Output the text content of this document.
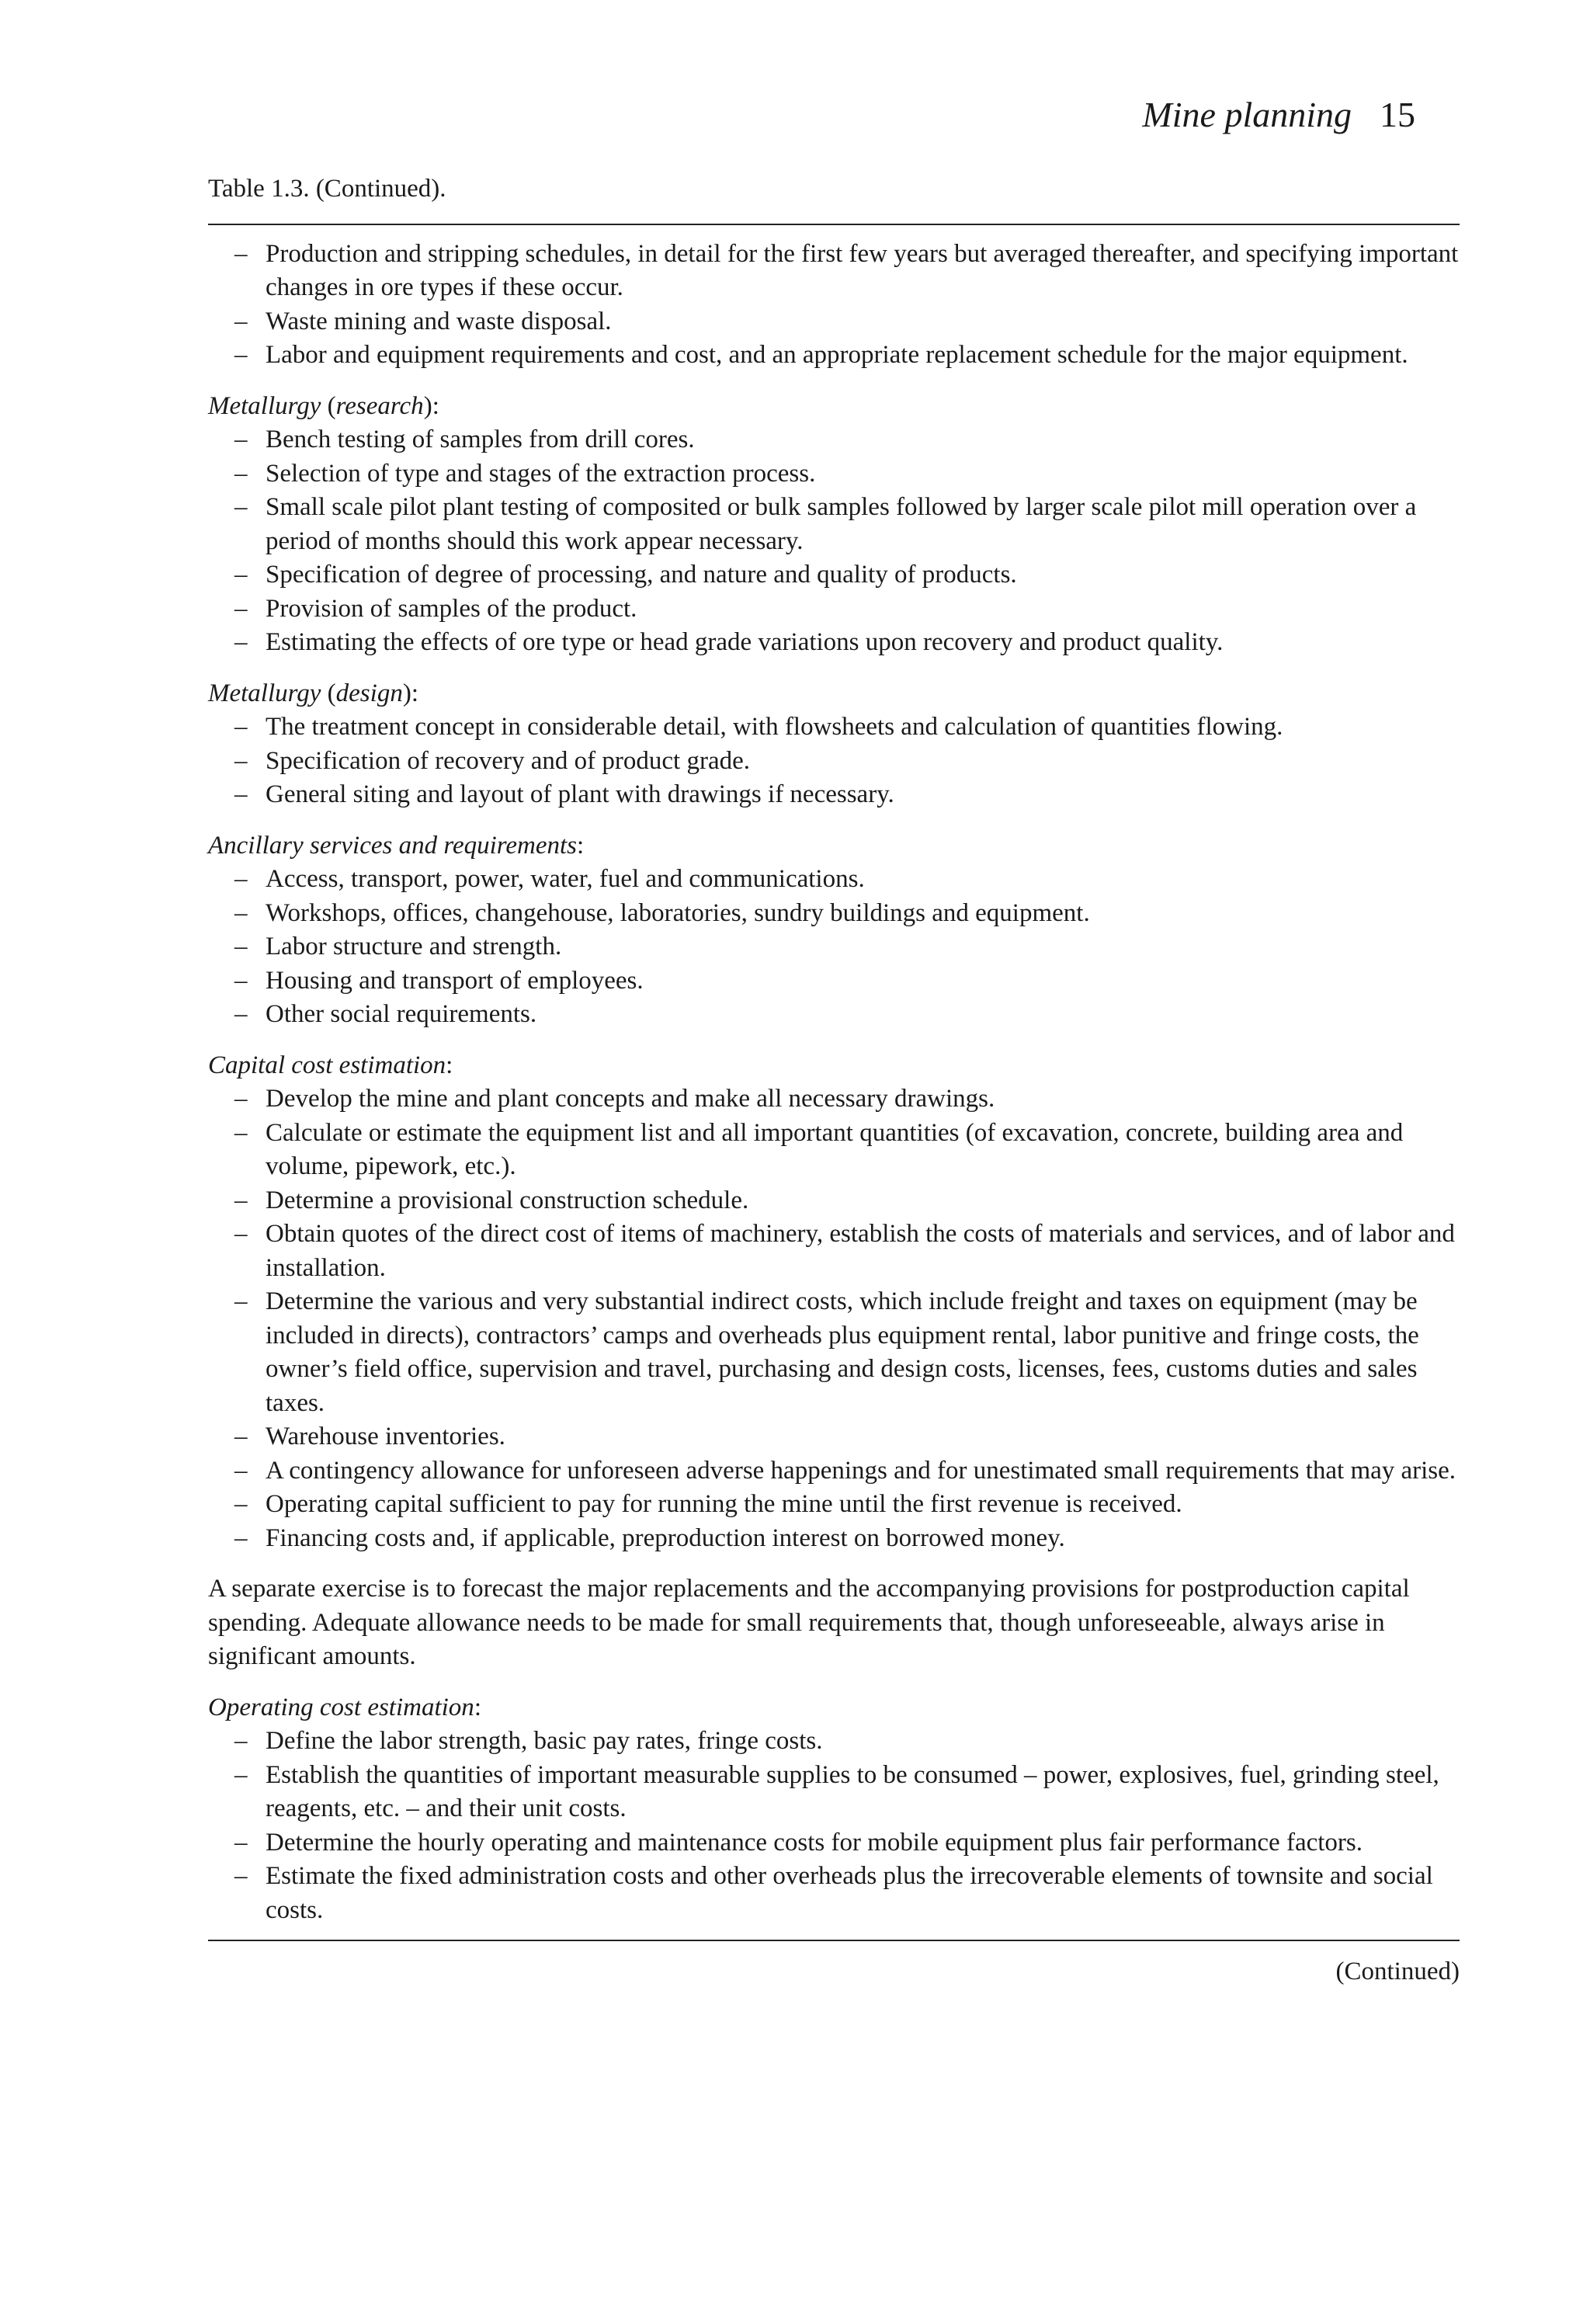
Mine planning 15
Table 1.3. (Continued).
– Production and stripping schedules, in detail for the first few years but averaged thereafter, and specifying important changes in ore types if these occur.
– Waste mining and waste disposal.
– Labor and equipment requirements and cost, and an appropriate replacement schedule for the major equipment.

Metallurgy (research):

– Bench testing of samples from drill cores.
– Selection of type and stages of the extraction process.
– Small scale pilot plant testing of composited or bulk samples followed by larger scale pilot mill operation over a period of months should this work appear necessary.
– Specification of degree of processing, and nature and quality of products.
– Provision of samples of the product.
– Estimating the effects of ore type or head grade variations upon recovery and product quality.

Metallurgy (design):

– The treatment concept in considerable detail, with flowsheets and calculation of quantities flowing.
– Specification of recovery and of product grade.
– General siting and layout of plant with drawings if necessary.

Ancillary services and requirements:

– Access, transport, power, water, fuel and communications.
– Workshops, offices, changehouse, laboratories, sundry buildings and equipment.
– Labor structure and strength.
– Housing and transport of employees.
– Other social requirements.

Capital cost estimation:

– Develop the mine and plant concepts and make all necessary drawings.
– Calculate or estimate the equipment list and all important quantities (of excavation, concrete, building area and volume, pipework, etc.).
– Determine a provisional construction schedule.
– Obtain quotes of the direct cost of items of machinery, establish the costs of materials and services, and of labor and installation.
– Determine the various and very substantial indirect costs, which include freight and taxes on equipment (may be included in directs), contractors’ camps and overheads plus equipment rental, labor punitive and fringe costs, the owner’s field office, supervision and travel, purchasing and design costs, licenses, fees, customs duties and sales taxes.
– Warehouse inventories.
– A contingency allowance for unforeseen adverse happenings and for unestimated small requirements that may arise.
– Operating capital sufficient to pay for running the mine until the first revenue is received.
– Financing costs and, if applicable, preproduction interest on borrowed money.

A separate exercise is to forecast the major replacements and the accompanying provisions for postproduction capital spending. Adequate allowance needs to be made for small requirements that, though unforeseeable, always arise in significant amounts.

Operating cost estimation:

– Define the labor strength, basic pay rates, fringe costs.
– Establish the quantities of important measurable supplies to be consumed – power, explosives, fuel, grinding steel, reagents, etc. – and their unit costs.
– Determine the hourly operating and maintenance costs for mobile equipment plus fair performance factors.
– Estimate the fixed administration costs and other overheads plus the irrecoverable elements of townsite and social costs.
(Continued)
